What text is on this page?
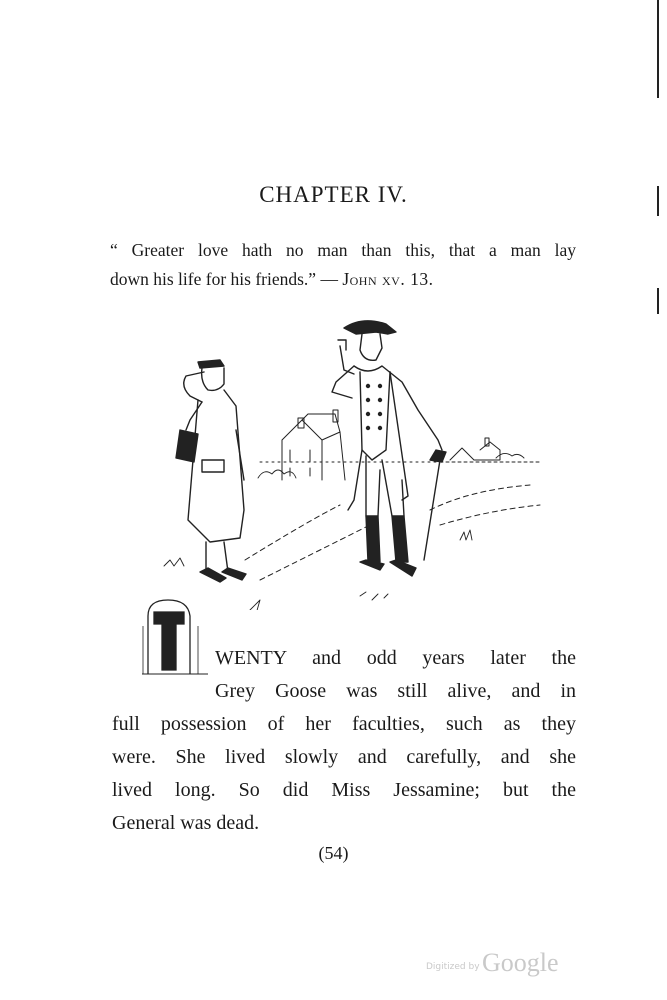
CHAPTER IV.
“ Greater love hath no man than this, that a man lay
down his life for his friends.” — John xv. 13.
T	WENTY and odd years later the
Grey Goose was still alive, and in
full possession of her faculties, such as they
were. She lived slowly and carefully, and she
lived long. So did Miss Jessamine; but the
General was dead.
(54)
Digitized by Google
